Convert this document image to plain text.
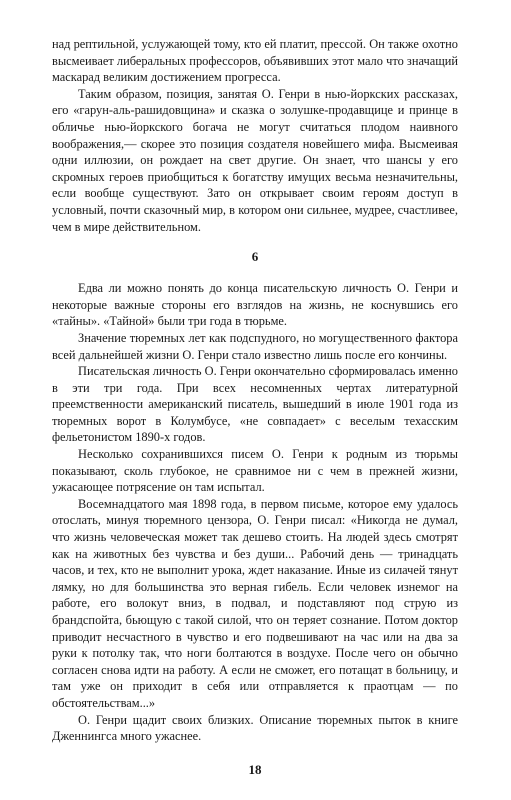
над рептильной, услужающей тому, кто ей платит, прессой. Он также охотно высмеивает либеральных профессоров, объявивших этот мало что значащий маскарад великим достижением прогресса.

Таким образом, позиция, занятая О. Генри в нью-йоркских рассказах, его «гарун-аль-рашидовщина» и сказка о золушке-продавщице и принце в обличье нью-йоркского богача не могут считаться плодом наивного воображения,— скорее это позиция создателя новейшего мифа. Высмеивая одни иллюзии, он рождает на свет другие. Он знает, что шансы у его скромных героев приобщиться к богатству имущих весьма незначительны, если вообще существуют. Зато он открывает своим героям доступ в условный, почти сказочный мир, в котором они сильнее, мудрее, счастливее, чем в мире действительном.

6

Едва ли можно понять до конца писательскую личность О. Генри и некоторые важные стороны его взглядов на жизнь, не коснувшись его «тайны». «Тайной» были три года в тюрьме.

Значение тюремных лет как подспудного, но могущественного фактора всей дальнейшей жизни О. Генри стало известно лишь после его кончины.

Писательская личность О. Генри окончательно сформировалась именно в эти три года. При всех несомненных чертах литературной преемственности американский писатель, вышедший в июле 1901 года из тюремных ворот в Колумбусе, «не совпадает» с веселым техасским фельетонистом 1890-х годов.

Несколько сохранившихся писем О. Генри к родным из тюрьмы показывают, сколь глубокое, не сравнимое ни с чем в прежней жизни, ужасающее потрясение он там испытал.

Восемнадцатого мая 1898 года, в первом письме, которое ему удалось отослать, минуя тюремного цензора, О. Генри писал: «Никогда не думал, что жизнь человеческая может так дешево стоить. На людей здесь смотрят как на животных без чувства и без души... Рабочий день — тринадцать часов, и тех, кто не выполнит урока, ждет наказание. Иные из силачей тянут лямку, но для большинства это верная гибель. Если человек изнемог на работе, его волокут вниз, в подвал, и подставляют под струю из брандспойта, бьющую с такой силой, что он теряет сознание. Потом доктор приводит несчастного в чувство и его подвешивают на час или на два за руки к потолку так, что ноги болтаются в воздухе. После чего он обычно согласен снова идти на работу. А если не сможет, его потащат в больницу, и там уже он приходит в себя или отправляется к праотцам — по обстоятельствам...»

О. Генри щадит своих близких. Описание тюремных пыток в книге Дженнингса много ужаснее.

18
